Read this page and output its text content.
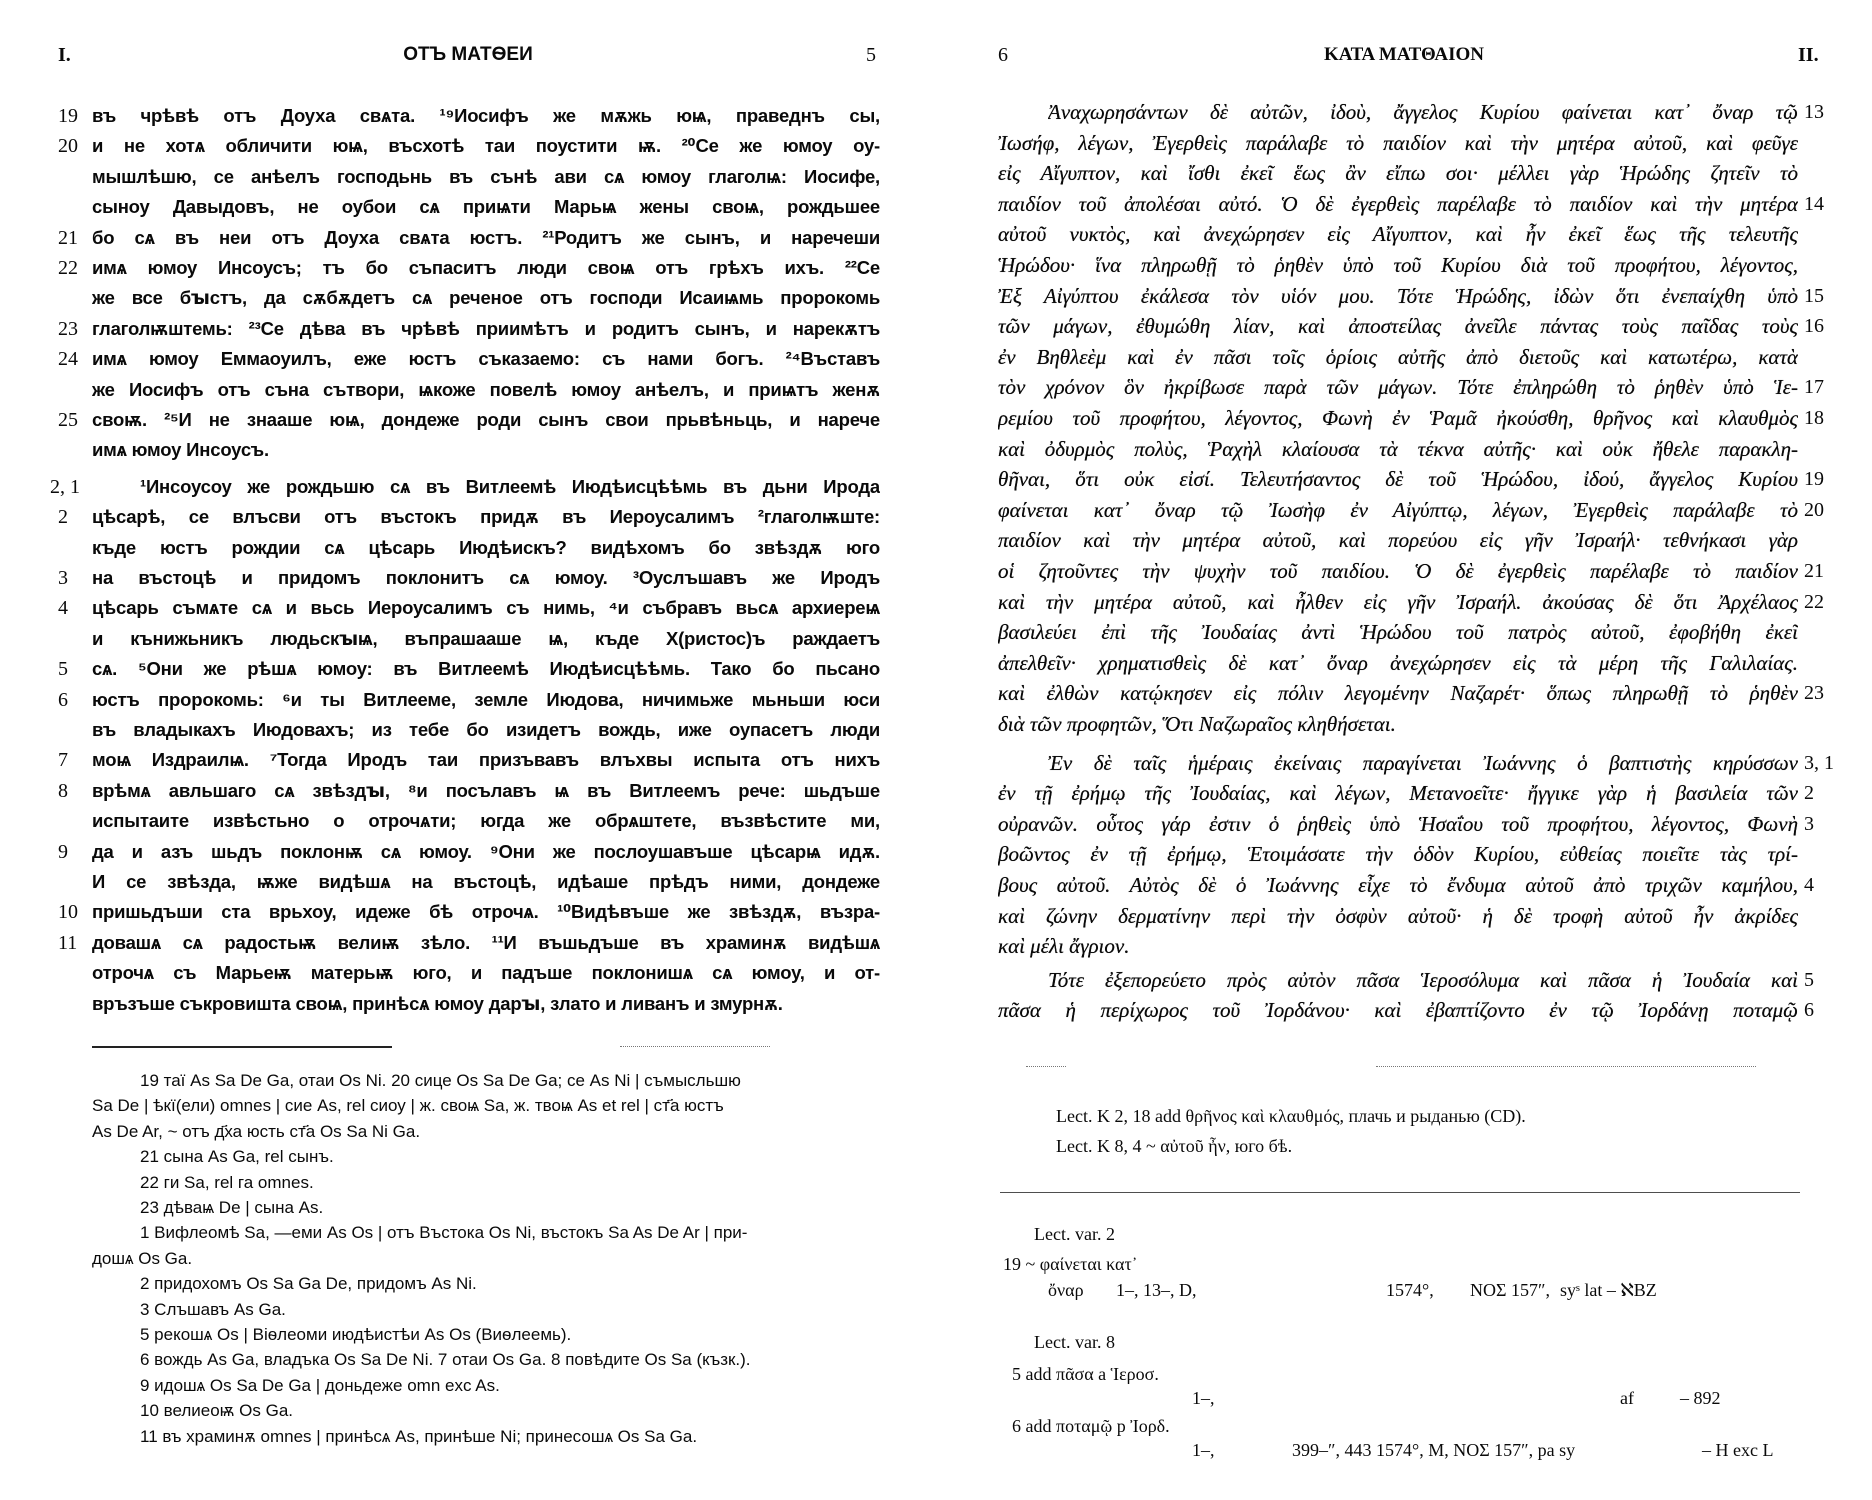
I.	ОТЪ МАТѲЕИ	5
19 въ чрѣвѣ отъ Доуха свѧта. ¹⁹Иосифъ же мѫжь юѩ, праведнъ сы,
20 и не хотѧ обличити юѩ, въсхотѣ таи поустити ѭ. ²⁰Се же юмоу оу-
мышлѣшю, се анѣелъ господьнь въ сънѣ ави сѧ юмоу глаголѩ: Иосифе,
сыноу Давыдовъ, не оубои сѧ приѩти Марьѩ жены своѩ, рождьшее
21 бо сѧ въ неи отъ Доуха свѧта юстъ. ²¹Родитъ же сынъ, и наречеши
22 имѧ юмоу Инсоусъ; тъ бо съпаситъ люди своѩ отъ грѣхъ ихъ. ²²Се
же все бꙑстъ, да сѫбѫдетъ сѧ реченое отъ господи Исаиѩмь пророкомь
23 глаголѭштемь: ²³Се дѣва въ чрѣвѣ приимѣтъ и родитъ сынъ, и нарекѫтъ
24 имѧ юмоу Еммаоуилъ, еже юстъ съказаемо: съ нами богъ. ²⁴Въставъ
же Иосифъ отъ съна сътвори, ѩкоже повелѣ юмоу анѣелъ, и приѩтъ женѫ
25 своѭ. ²⁵И не знааше юѩ, дондеже роди сынъ свои прьвѣньць, и нарече
имѧ юмоу Инсоусъ.
2, 1	¹Инсоусоу же рождьшю сѧ въ Витлеемѣ Июдѣисцѣѣмь въ дьни Ирода
2 цѣсарѣ, се влъсви отъ въстокъ придѫ въ Иероусалимъ ²глаголѭште:
къде юстъ рождии сѧ цѣсарь Июдѣискъ? видѣхомъ бо звѣздѫ юго
3 на въстоцѣ и придомъ поклонитъ сѧ юмоу. ³Оуслъшавъ же Иродъ
4 цѣсарь съмѧте сѧ и вьсь Иероусалимъ съ нимь, ⁴и събравъ вьсѧ архиереѩ
и кънижьникъ людьскꙑѩ, въпрашааше ѩ, къде Х(ристос)ъ раждаетъ
5 сѧ. ⁵Они же рѣшѧ юмоу: въ Витлеемѣ Июдѣисцѣѣмь. Тако бо пьсано
6 юстъ пророкомь: ⁶и ты Витлееме, земле Июдова, ничимьже мьньши юси
въ владыкахъ Июдовахъ; из тебе бо изидетъ вождь, иже оупасетъ люди
7 моѩ Издраилѩ. ⁷Тогда Иродъ таи призъвавъ влъхвы испыта отъ нихъ
8 врѣмѧ авльшаго сѧ звѣздꙑ, ⁸и посълавъ ѩ въ Витлеемъ рече: шьдъше
испытаите извѣстьно о отрочѧти; югда же обрѧштете, възвѣстите ми,
9 да и азъ шьдъ поклонѭ сѧ юмоу. ⁹Они же послоушавъше цѣсарѩ идѫ.
И се звѣзда, ѭже видѣшѧ на въстоцѣ, идѣаше прѣдъ ними, дондеже
10 пришьдъши ста врьхоу, идеже бѣ отрочѧ. ¹⁰Видѣвъше же звѣздѫ, възра-
11 довашѧ сѧ радостьѭ велиѭ зѣло. ¹¹И въшьдъше въ храминѫ видѣшѧ
отрочѧ съ Марьеѭ матерьѭ юго, и падъше поклонишѧ сѧ юмоу, и от-
връзъше съкровишта своѩ, принѣсѧ юмоу дарꙑ, злато и ливанъ и змурнѫ.
19 таї As Sa De Ga, отаи Os Ni. 20 сице Os Sa De Ga; се As Ni | съмысльшю
Sa De | ѣкї(ели) omnes | сие As, rel сиоу | ж. своѩ Sa, ж. твоѩ As et rel | ст҃а юстъ
As De Ar, ~ отъ д҃ха юсть ст҃а Os Sa Ni Ga.
21 сына As Ga, rel сынъ.
22 ги Sa, rel га omnes.
23 дѣваѩ De | сына As.
1 Вифлеомѣ Sa, —еми As Os | отъ Въстока Os Ni, въстокъ Sa As De Ar | при-
дошѧ Os Ga.
2 придохомъ Os Sa Ga De, придомъ As Ni.
3 Слъшавъ As Ga.
5 рекошѧ Os | Віѳлеоми июдѣистѣи As Os (Виѳлеемь).
6 вождь As Ga, владъка Os Sa De Ni. 7 отаи Os Ga. 8 повѣдите Os Sa (къзк.).
9 идошѧ Os Sa De Ga | доньдеже omn exc As.
10 велиеоѭ Os Ga.
11 въ храминѫ omnes | принѣсѧ As, принѣше Ni; принесошѧ Os Sa Ga.
6	ΚΑΤΑ ΜΑΤΘΑΙΟΝ	II.
13
Ἀναχωρησάντων δὲ αὐτῶν, ἰδοὺ, ἄγγελος Κυρίου φαίνεται κατ᾽ ὄναρ τῷ
Ἰωσήφ, λέγων, Ἐγερθεὶς παράλαβε τὸ παιδίον καὶ τὴν μητέρα αὐτοῦ, καὶ φεῦγε
εἰς Αἴγυπτον, καὶ ἴσθι ἐκεῖ ἕως ἂν εἴπω σοι· μέλλει γὰρ Ἡρώδης ζητεῖν τὸ
14
παιδίον τοῦ ἀπολέσαι αὐτό. Ὁ δὲ ἐγερθεὶς παρέλαβε τὸ παιδίον καὶ τὴν μητέρα
αὐτοῦ νυκτὸς, καὶ ἀνεχώρησεν εἰς Αἴγυπτον, καὶ ἦν ἐκεῖ ἕως τῆς τελευτῆς
Ἡρώδου· ἵνα πληρωθῇ τὸ ῥηθὲν ὑπὸ τοῦ Κυρίου διὰ τοῦ προφήτου, λέγοντος,
15
Ἐξ Αἰγύπτου ἐκάλεσα τὸν υἱόν μου. Τότε Ἡρώδης, ἰδὼν ὅτι ἐνεπαίχθη ὑπὸ
16
τῶν μάγων, ἐθυμώθη λίαν, καὶ ἀποστείλας ἀνεῖλε πάντας τοὺς παῖδας τοὺς
ἐν Βηθλεὲμ καὶ ἐν πᾶσι τοῖς ὁρίοις αὐτῆς ἀπὸ διετοῦς καὶ κατωτέρω, κατὰ
17
τὸν χρόνον ὃν ἠκρίβωσε παρὰ τῶν μάγων. Τότε ἐπληρώθη τὸ ῥηθὲν ὑπὸ Ἱε-
18
ρεμίου τοῦ προφήτου, λέγοντος, Φωνὴ ἐν Ῥαμᾶ ἠκούσθη, θρῆνος καὶ κλαυθμὸς
καὶ ὀδυρμὸς πολὺς, Ῥαχὴλ κλαίουσα τὰ τέκνα αὐτῆς· καὶ οὐκ ἤθελε παρακλη-
19
θῆναι, ὅτι οὐκ εἰσί. Τελευτήσαντος δὲ τοῦ Ἡρώδου, ἰδού, ἄγγελος Κυρίου
20
φαίνεται κατ᾽ ὄναρ τῷ Ἰωσὴφ ἐν Αἰγύπτῳ, λέγων, Ἐγερθεὶς παράλαβε τὸ
παιδίον καὶ τὴν μητέρα αὐτοῦ, καὶ πορεύου εἰς γῆν Ἰσραήλ· τεθνήκασι γὰρ
21
οἱ ζητοῦντες τὴν ψυχὴν τοῦ παιδίου. Ὁ δὲ ἐγερθεὶς παρέλαβε τὸ παιδίον
22
καὶ τὴν μητέρα αὐτοῦ, καὶ ἦλθεν εἰς γῆν Ἰσραήλ. ἀκούσας δὲ ὅτι Ἀρχέλαος
βασιλεύει ἐπὶ τῆς Ἰουδαίας ἀντὶ Ἡρώδου τοῦ πατρὸς αὐτοῦ, ἐφοβήθη ἐκεῖ
ἀπελθεῖν· χρηματισθεὶς δὲ κατ᾽ ὄναρ ἀνεχώρησεν εἰς τὰ μέρη τῆς Γαλιλαίας.
23
καὶ ἐλθὼν κατῴκησεν εἰς πόλιν λεγομένην Ναζαρέτ· ὅπως πληρωθῇ τὸ ῥηθὲν
διὰ τῶν προφητῶν, Ὅτι Ναζωραῖος κληθήσεται.
3, 1
Ἐν δὲ ταῖς ἡμέραις ἐκείναις παραγίνεται Ἰωάννης ὁ βαπτιστὴς κηρύσσων
2
ἐν τῇ ἐρήμῳ τῆς Ἰουδαίας, καὶ λέγων, Μετανοεῖτε· ἤγγικε γὰρ ἡ βασιλεία τῶν
3
οὐρανῶν. οὗτος γάρ ἐστιν ὁ ῥηθεὶς ὑπὸ Ἡσαΐου τοῦ προφήτου, λέγοντος, Φωνὴ
βοῶντος ἐν τῇ ἐρήμῳ, Ἑτοιμάσατε τὴν ὁδὸν Κυρίου, εὐθείας ποιεῖτε τὰς τρί-
4
βους αὐτοῦ. Αὐτὸς δὲ ὁ Ἰωάννης εἶχε τὸ ἔνδυμα αὐτοῦ ἀπὸ τριχῶν καμήλου,
καὶ ζώνην δερματίνην περὶ τὴν ὀσφὺν αὐτοῦ· ἡ δὲ τροφὴ αὐτοῦ ἦν ἀκρίδες
καὶ μέλι ἄγριον.
5
Τότε ἐξεπορεύετο πρὸς αὐτὸν πᾶσα Ἱεροσόλυμα καὶ πᾶσα ἡ Ἰουδαία καὶ
6
πᾶσα ἡ περίχωρος τοῦ Ἰορδάνου· καὶ ἐβαπτίζοντο ἐν τῷ Ἰορδάνῃ ποταμῷ
Lect. K 2, 18 add θρῆνος καὶ κλαυθμός, плачь и рыданью (CD).
Lect. K 8, 4 ~ αὐτοῦ ἦν, юго бѣ.
Lect. var. 2
19 ~ φαίνεται κατ᾽
ὄναρ 1–, 13–, D,	1574°, ΝΟΣ 157″, syˢ lat – ℵBZ
Lect. var. 8
5 add πᾶσα a Ἱεροσ.
1–,	af	– 892
6 add ποταμῷ p Ἰορδ.
1–,	399–″, 443 1574°, M, ΝΟΣ 157″, pa sy	– H exc L
